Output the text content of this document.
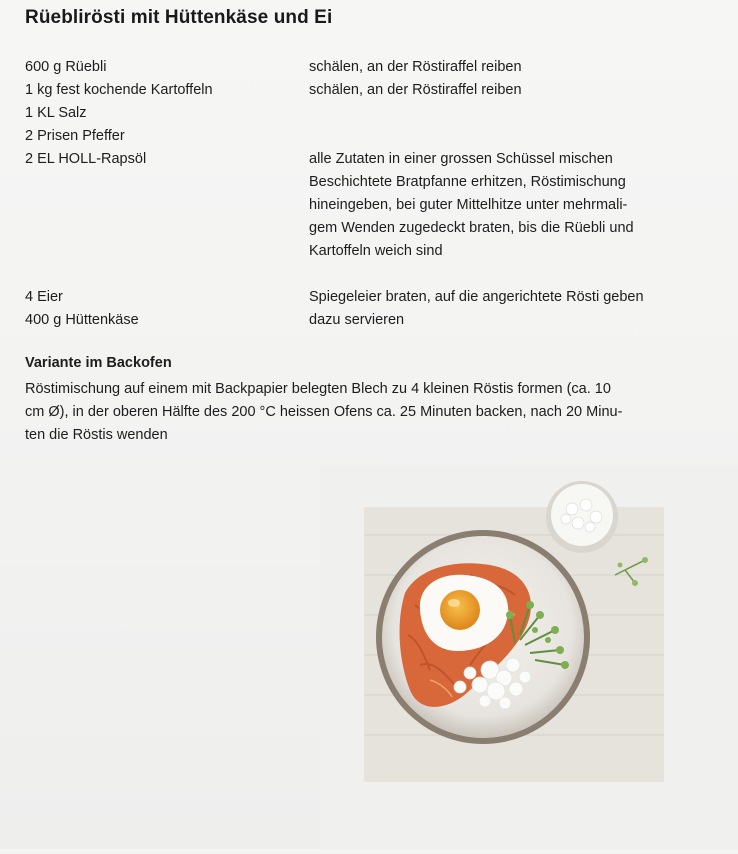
Rüeblirösti mit Hüttenkäse und Ei
600 g Rüebli
1 kg fest kochende Kartoffeln
1 KL Salz
2 Prisen Pfeffer
2 EL HOLL-Rapsöl
schälen, an der Röstiraffel reiben
schälen, an der Röstiraffel reiben
alle Zutaten in einer grossen Schüssel mischen
Beschichtete Bratpfanne erhitzen, Röstimischung
hineingeben, bei guter Mittelhitze unter mehrmali-
gem Wenden zugedeckt braten, bis die Rüebli und
Kartoffeln weich sind
4 Eier
400 g Hüttenkäse
Spiegeleier braten, auf die angerichtete Rösti geben
dazu servieren
Variante im Backofen
Röstimischung auf einem mit Backpapier belegten Blech zu 4 kleinen Röstis formen (ca. 10
cm Ø), in der oberen Hälfte des 200 °C heissen Ofens ca. 25 Minuten backen, nach 20 Minu-
ten die Röstis wenden
